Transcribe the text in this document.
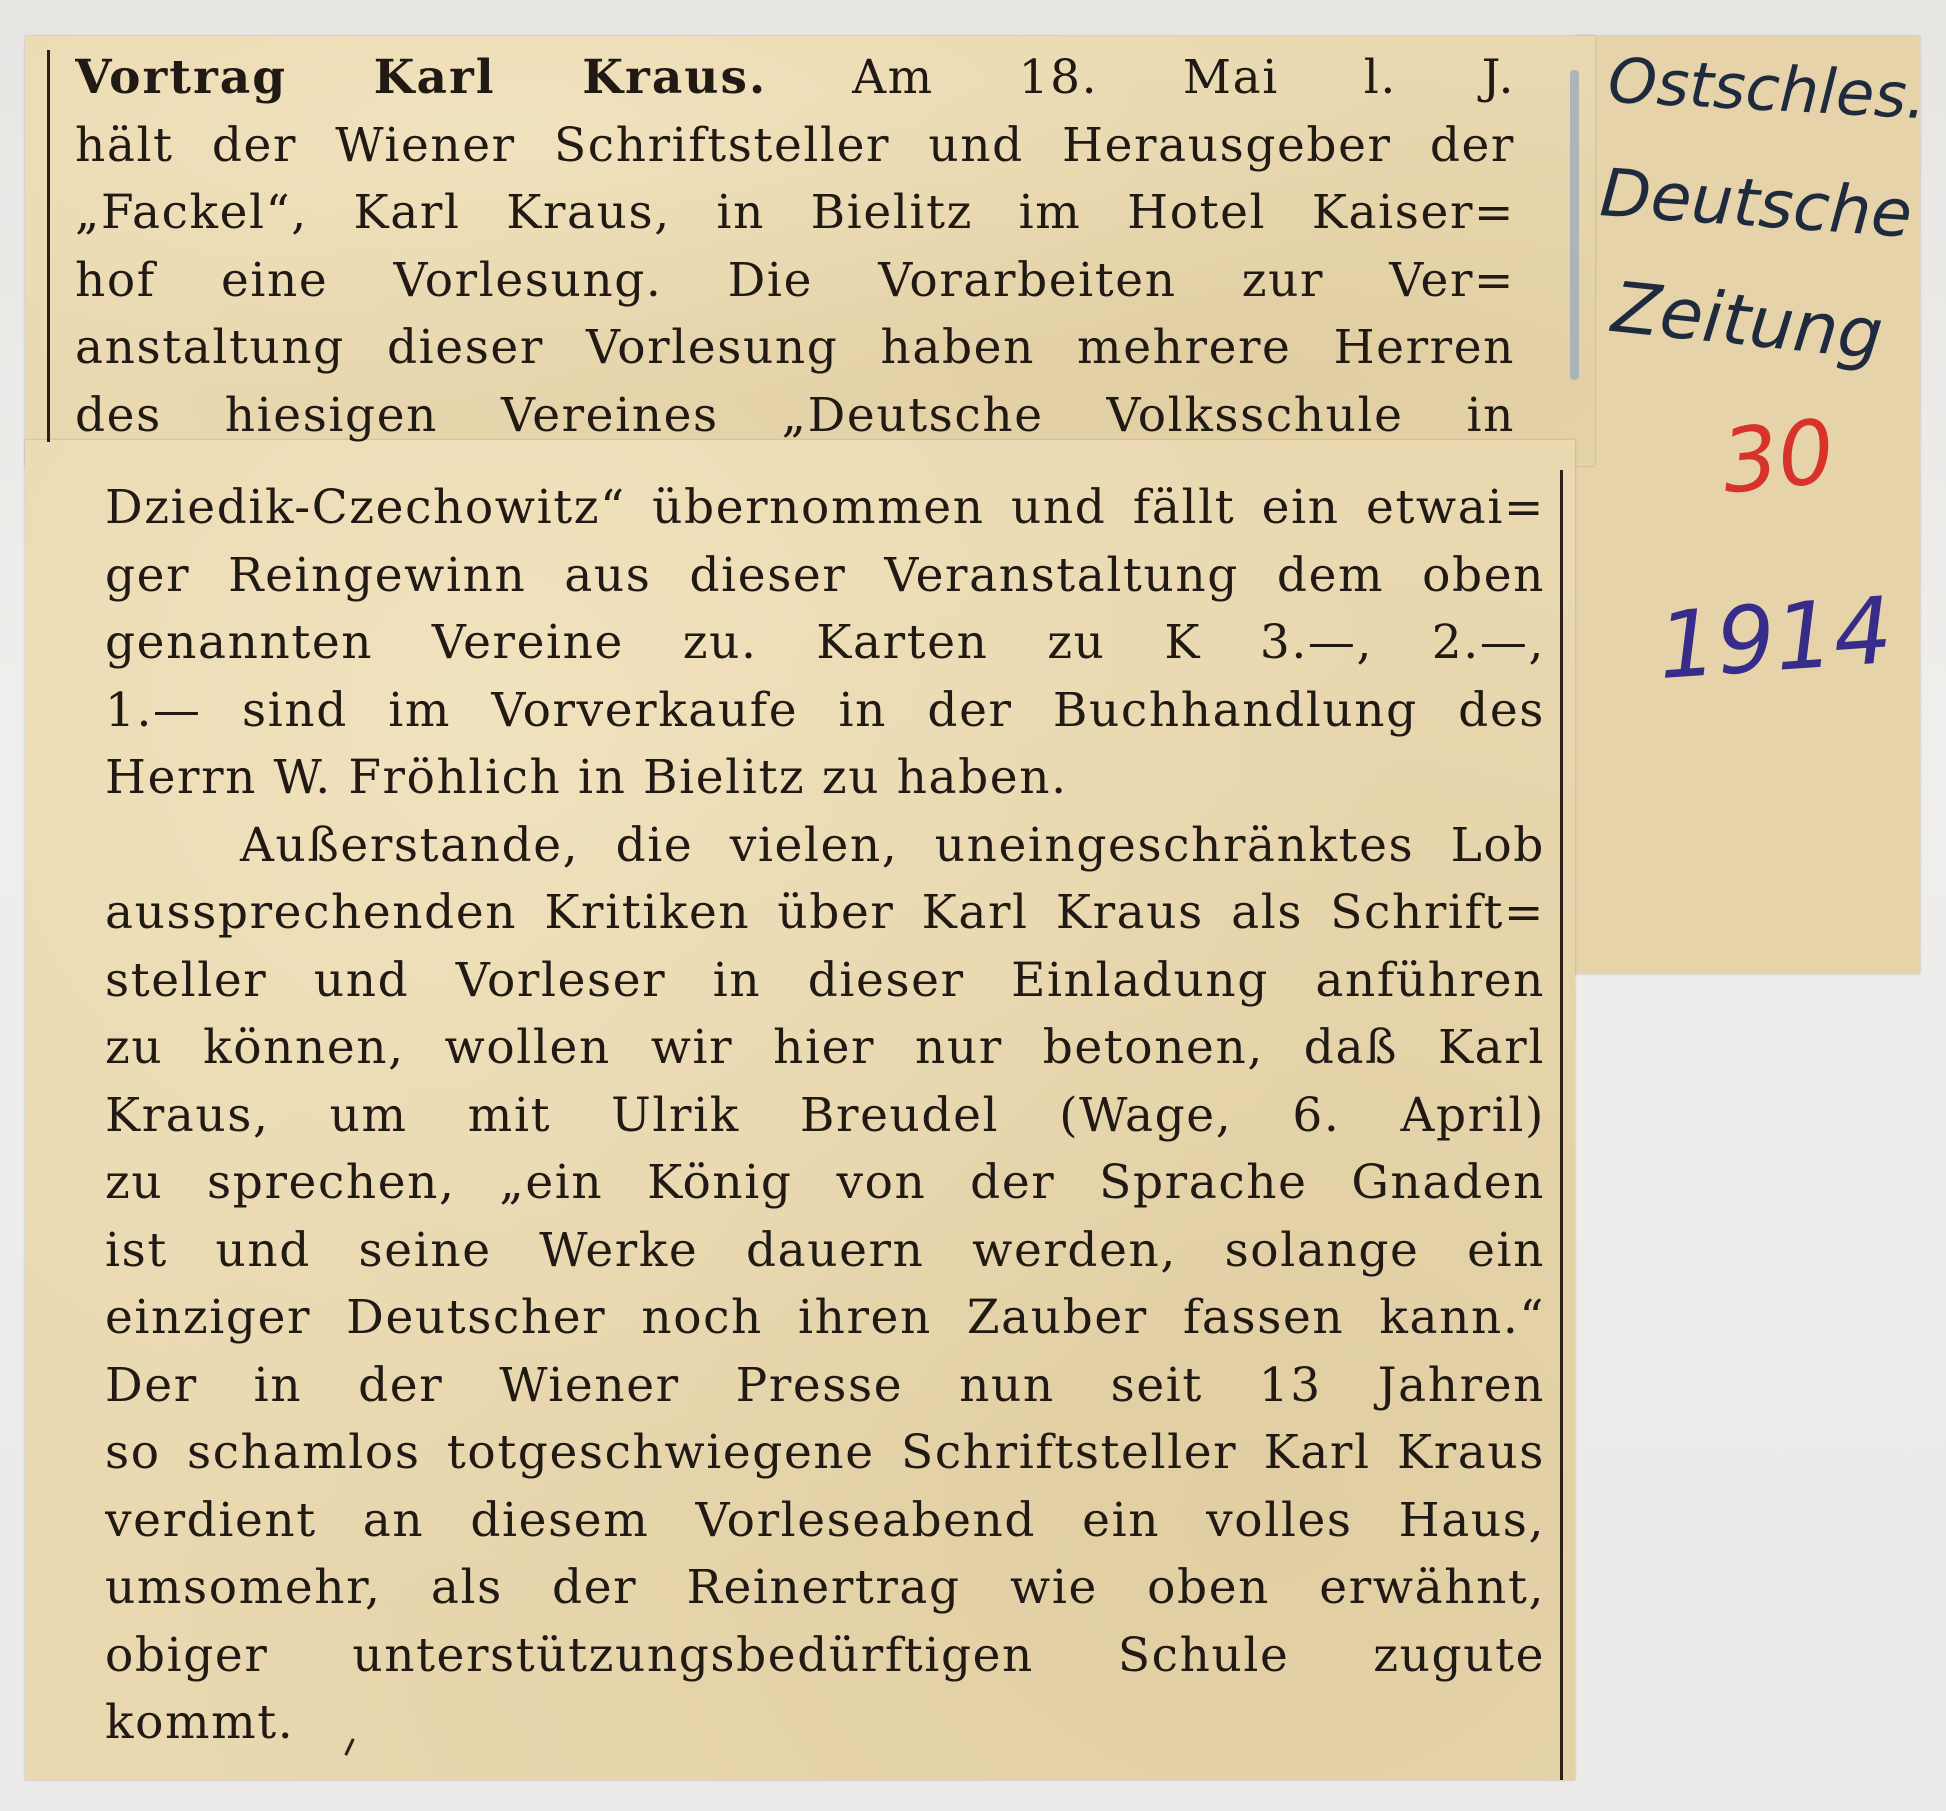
Vortrag Karl Kraus. Am 18. Mai l. J.
hält der Wiener Schriftsteller und Herausgeber der
„Fackel“, Karl Kraus, in Bielitz im Hotel Kaiser=
hof eine Vorlesung. Die Vorarbeiten zur Ver=
anstaltung dieser Vorlesung haben mehrere Herren
des hiesigen Vereines „Deutsche Volksschule in
Dziedik-Czechowitz“ übernommen und fällt ein etwai=
ger Reingewinn aus dieser Veranstaltung dem oben
genannten Vereine zu. Karten zu K 3.—, 2.—,
1.— sind im Vorverkaufe in der Buchhandlung des
Herrn W. Fröhlich in Bielitz zu haben.
Außerstande, die vielen, uneingeschränktes Lob
aussprechenden Kritiken über Karl Kraus als Schrift=
steller und Vorleser in dieser Einladung anführen
zu können, wollen wir hier nur betonen, daß Karl
Kraus, um mit Ulrik Breudel (Wage, 6. April)
zu sprechen, „ein König von der Sprache Gnaden
ist und seine Werke dauern werden, solange ein
einziger Deutscher noch ihren Zauber fassen kann.“
Der in der Wiener Presse nun seit 13 Jahren
so schamlos totgeschwiegene Schriftsteller Karl Kraus
verdient an diesem Vorleseabend ein volles Haus,
umsomehr, als der Reinertrag wie oben erwähnt,
obiger unterstützungsbedürftigen Schule zugute
kommt.
Ostschles.
Deutsche
Zeitung
30
1914
